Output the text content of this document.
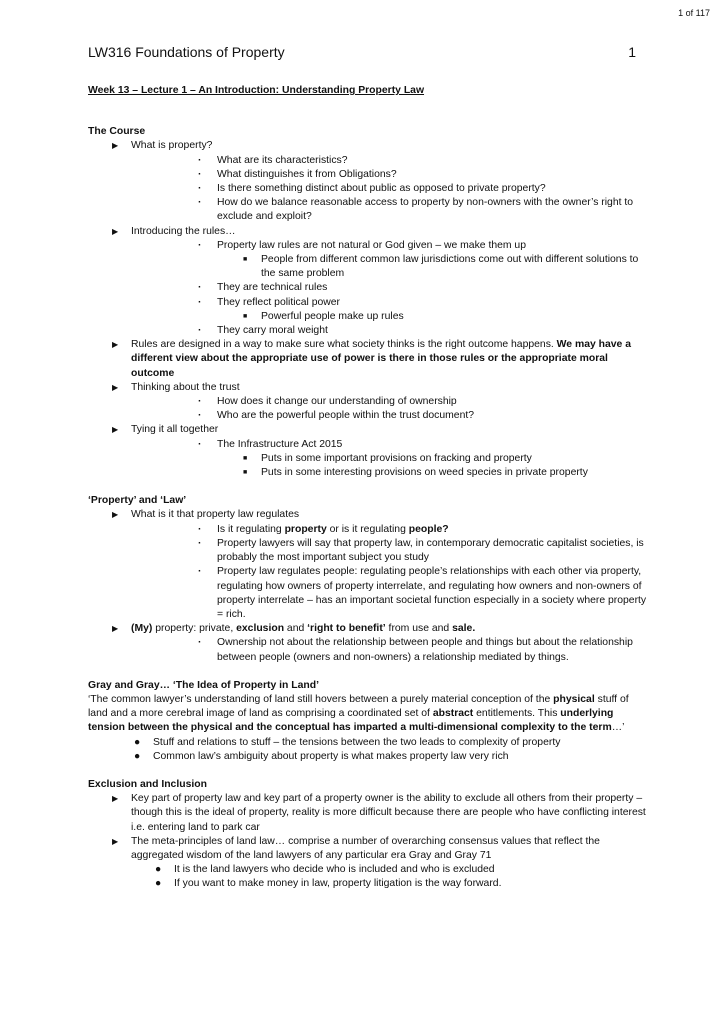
1 of 117
LW316 Foundations of Property	1

Week 13 – Lecture 1 – An Introduction: Understanding Property Law

The Course

▶ What is property?
· What are its characteristics?
· What distinguishes it from Obligations?
· Is there something distinct about public as opposed to private property?
· How do we balance reasonable access to property by non-owners with the owner’s right to exclude and exploit?
▶ Introducing the rules…
· Property law rules are not natural or God given – we make them up
■ People from different common law jurisdictions come out with different solutions to the same problem
· They are technical rules
· They reflect political power
■ Powerful people make up rules
· They carry moral weight
▶ Rules are designed in a way to make sure what society thinks is the right outcome happens. We may have a different view about the appropriate use of power is there in those rules or the appropriate moral outcome
▶ Thinking about the trust
· How does it change our understanding of ownership
· Who are the powerful people within the trust document?
▶ Tying it all together
· The Infrastructure Act 2015
■ Puts in some important provisions on fracking and property
■ Puts in some interesting provisions on weed species in private property

‘Property’ and ‘Law’

▶ What is it that property law regulates
· Is it regulating property or is it regulating people?
· Property lawyers will say that property law, in contemporary democratic capitalist societies, is probably the most important subject you study
· Property law regulates people: regulating people’s relationships with each other via property, regulating how owners of property interrelate, and regulating how owners and non-owners of property interrelate – has an important societal function especially in a society where property = rich.
▶ (My) property: private, exclusion and ‘right to benefit’ from use and sale.
· Ownership not about the relationship between people and things but about the relationship between people (owners and non-owners) a relationship mediated by things.

Gray and Gray… ‘The Idea of Property in Land’

‘The common lawyer’s understanding of land still hovers between a purely material conception of the physical stuff of land and a more cerebral image of land as comprising a coordinated set of abstract entitlements. This underlying tension between the physical and the conceptual has imparted a multi-dimensional complexity to the term…’

● Stuff and relations to stuff – the tensions between the two leads to complexity of property
● Common law’s ambiguity about property is what makes property law very rich

Exclusion and Inclusion

▶ Key part of property law and key part of a property owner is the ability to exclude all others from their property – though this is the ideal of property, reality is more difficult because there are people who have conflicting interest i.e. entering land to park car
▶ The meta-principles of land law… comprise a number of overarching consensus values that reflect the aggregated wisdom of the land lawyers of any particular era Gray and Gray 71
● It is the land lawyers who decide who is included and who is excluded
● If you want to make money in law, property litigation is the way forward.
